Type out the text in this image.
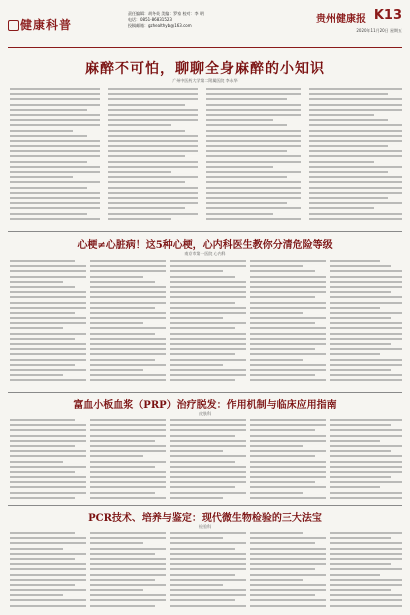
健康科普
责任编辑：胡冬英 美编：罗家 校对：李 明
电话：0851-86831523
投稿邮箱：gzhealthyb@163.com
贵州健康报 K13
2020年11月20日 星期五
麻醉不可怕，聊聊全身麻醉的小知识
广州中医药大学第二附属医院 李永华
心梗≠心脏病！这5种心梗，心内科医生教你分清危险等级
南京市第一医院 心内科
富血小板血浆（PRP）治疗脱发：作用机制与临床应用指南
皮肤科
PCR技术、培养与鉴定：现代微生物检验的三大法宝
检验科
